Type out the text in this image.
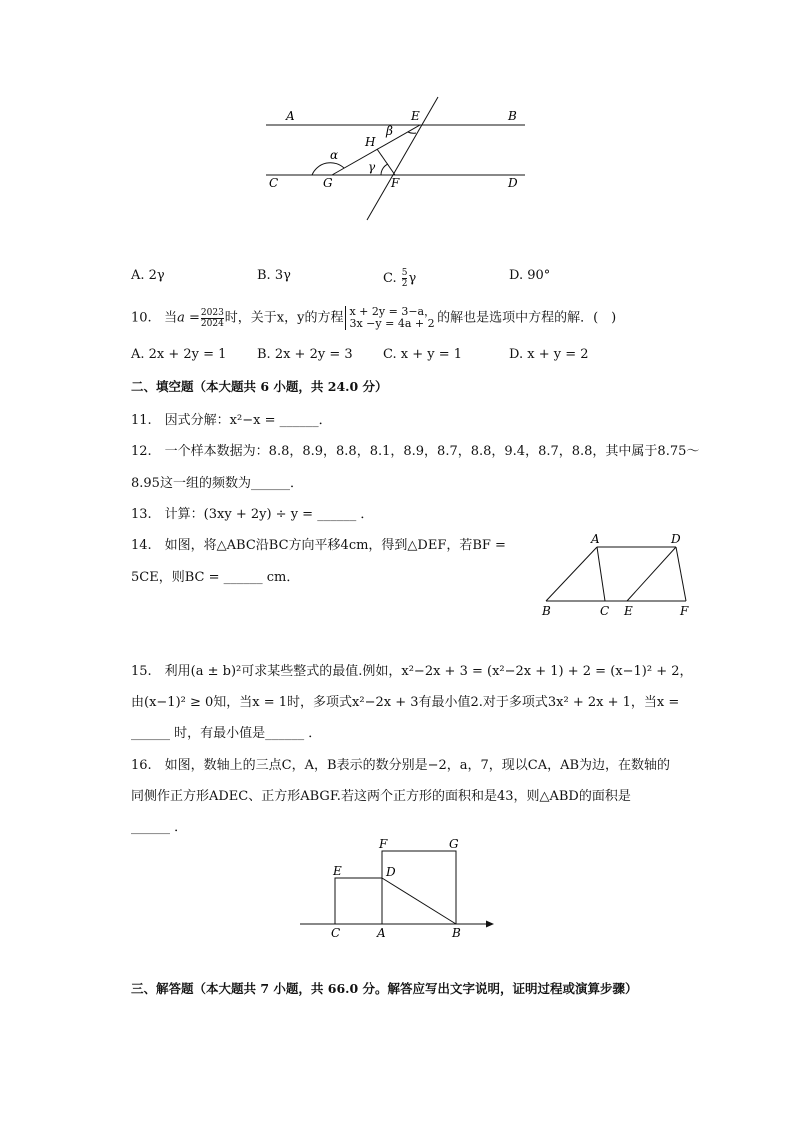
A	B
C	D
E
F
G
H
α
β
γ
A. 2γ	B. 3γ	C. $\frac{5}{2}$ γ	D. 90°
10. 当$a = \frac{2023}{2024}$ 时，关于x，y的方程 x + 2y = 3−a，
3x −y = 4a + 2 的解也是选项中方程的解．(　)
A. 2x + 2y = 1	B. 2x + 2y = 3	C. x + y = 1	D. x + y = 2
二、填空题（本大题共 6 小题，共 24.0 分）
11.　因式分解：x²−x = ______．
12.　一个样本数据为：8.8，8.9，8.8，8.1，8.9，8.7，8.8，9.4，8.7，8.8，其中属于8.75～
8.95这一组的频数为______．
13.　计算：(3xy + 2y) ÷ y = ______ ．
14.　如图，将△ABC沿BC方向平移4cm，得到△DEF，若BF =
5CE，则BC = ______ cm．
A	D
B	C E	F
15.　利用(a ± b)²可求某些整式的最值.例如，x²−2x + 3 = (x²−2x + 1) + 2 = (x−1)² + 2，
由(x−1)² ≥ 0知，当x = 1时，多项式x²−2x + 3有最小值2.对于多项式3x² + 2x + 1，当x =
______ 时，有最小值是______ ．
16.　如图，数轴上的三点C，A，B表示的数分别是−2，a，7，现以CA，AB为边，在数轴的
同侧作正方形ADEC、正方形ABGF.若这两个正方形的面积和是43，则△ABD的面积是
______ ．
C	A	B
E	D
F	G
三、解答题（本大题共 7 小题，共 66.0 分。解答应写出文字说明，证明过程或演算步骤）
